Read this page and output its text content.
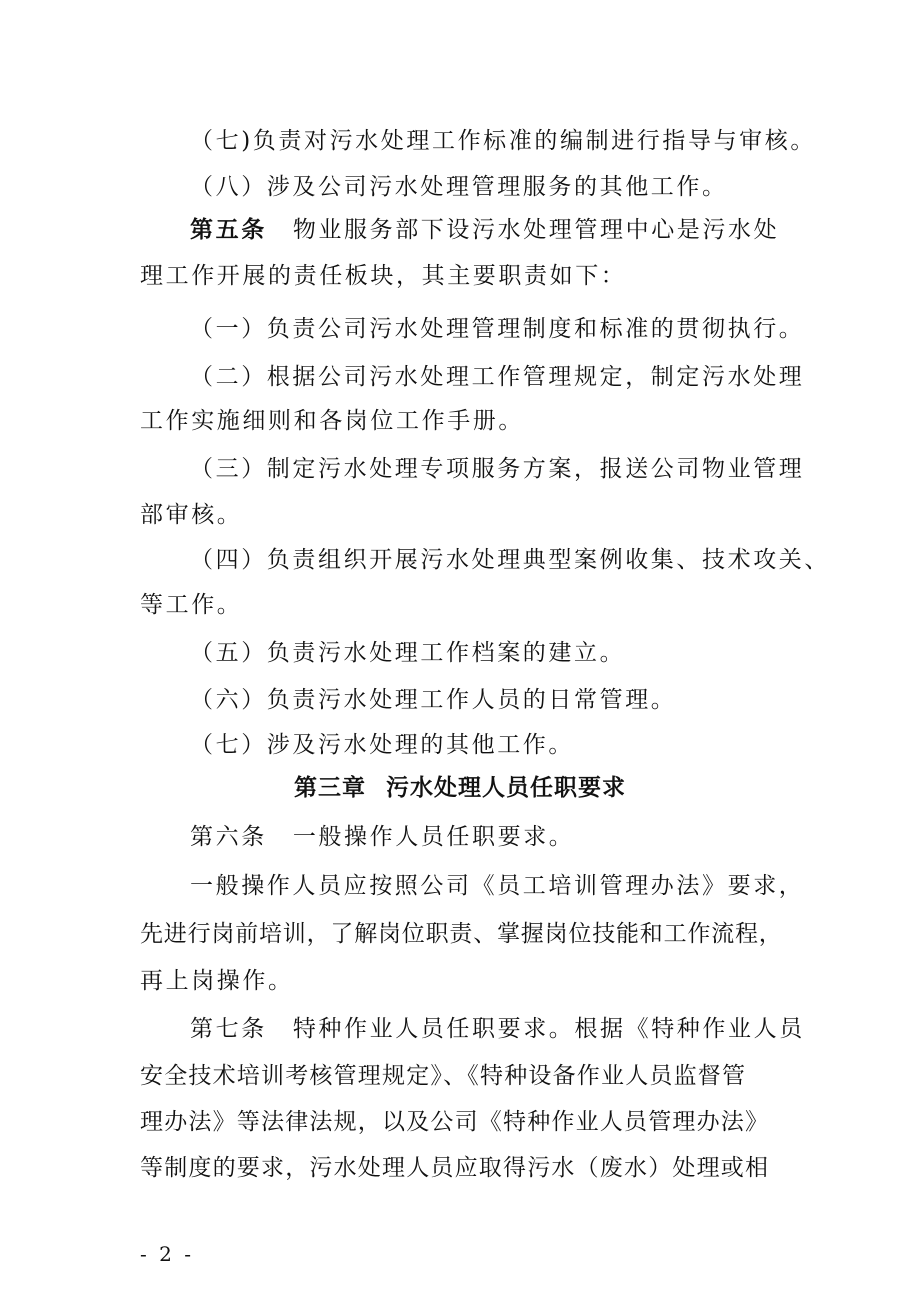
（七)负责对污水处理工作标准的编制进行指导与审核。
（八）涉及公司污水处理管理服务的其他工作。
第五条 物业服务部下设污水处理管理中心是污水处
理工作开展的责任板块，其主要职责如下：
（一）负责公司污水处理管理制度和标准的贯彻执行。
（二）根据公司污水处理工作管理规定，制定污水处理
工作实施细则和各岗位工作手册。
（三）制定污水处理专项服务方案，报送公司物业管理
部审核。
（四）负责组织开展污水处理典型案例收集、技术攻关、
等工作。
（五）负责污水处理工作档案的建立。
（六）负责污水处理工作人员的日常管理。
（七）涉及污水处理的其他工作。
第三章 污水处理人员任职要求
第六条 一般操作人员任职要求。
一般操作人员应按照公司《员工培训管理办法》要求，
先进行岗前培训，了解岗位职责、掌握岗位技能和工作流程，
再上岗操作。
第七条 特种作业人员任职要求。根据《特种作业人员
安全技术培训考核管理规定》、《特种设备作业人员监督管
理办法》等法律法规，以及公司《特种作业人员管理办法》
等制度的要求，污水处理人员应取得污水（废水）处理或相
- 2 -
